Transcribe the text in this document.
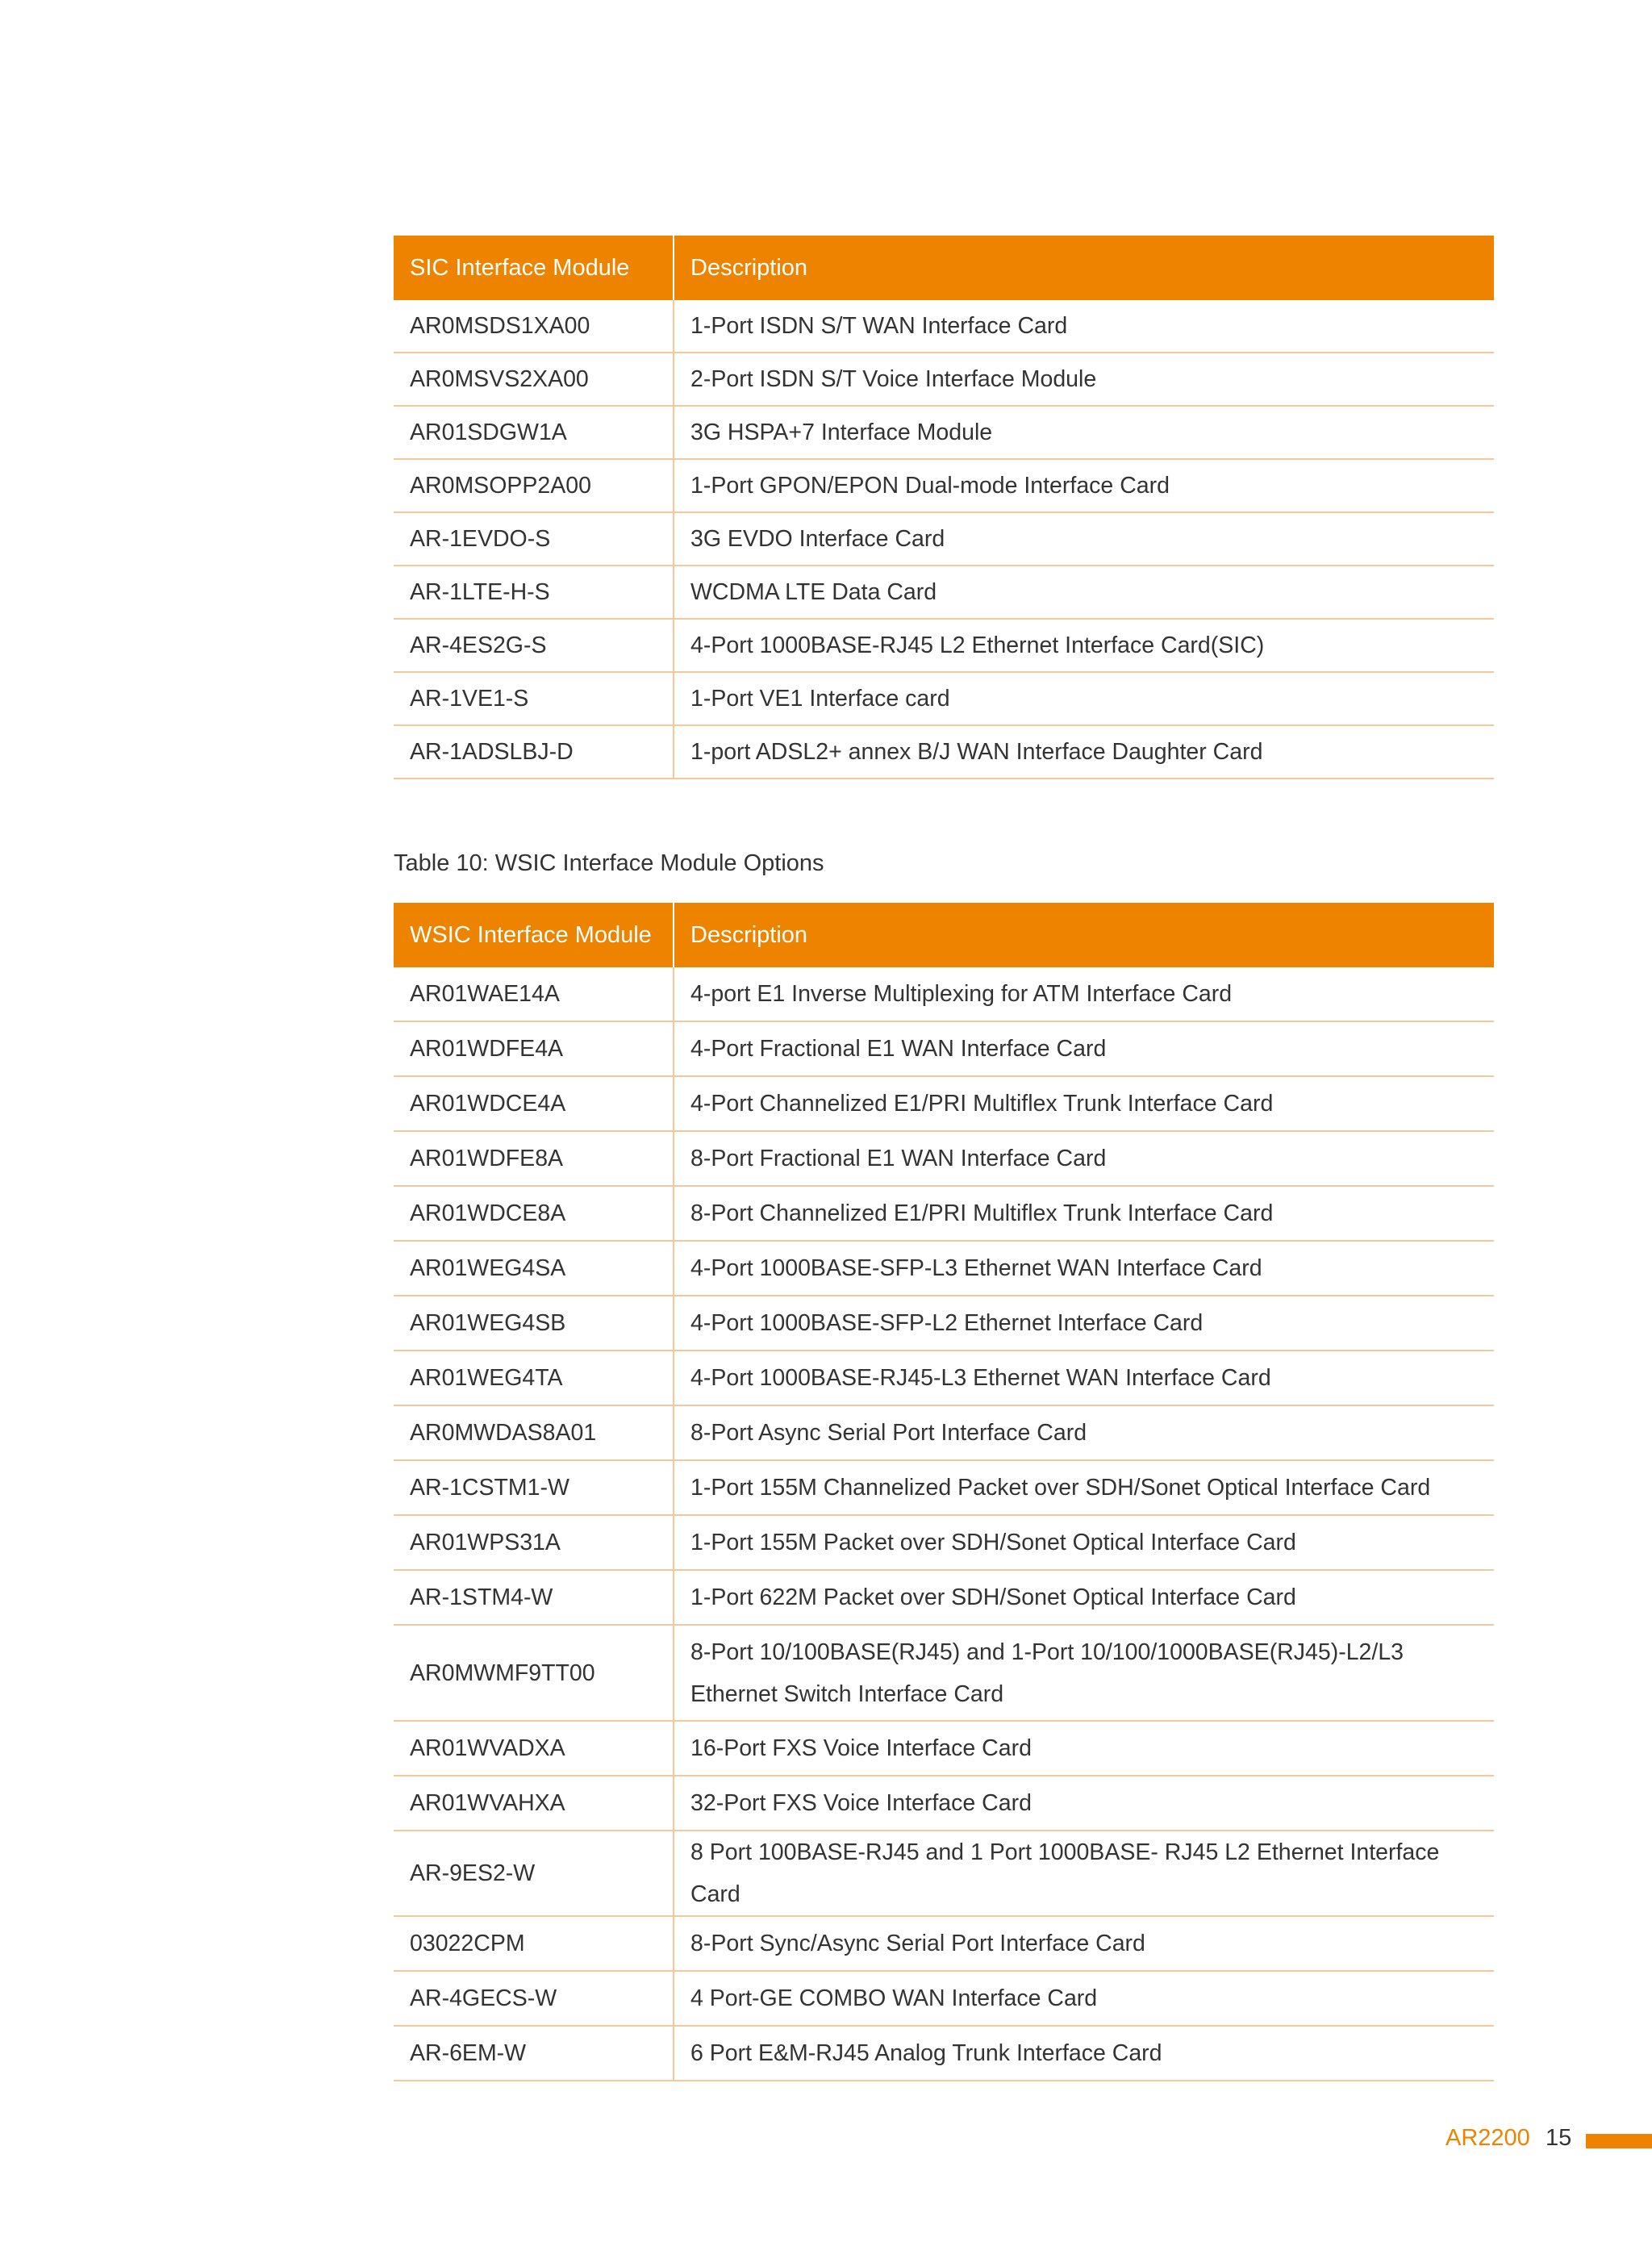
SIC Interface Module	Description
AR0MSDS1XA00	1-Port ISDN S/T WAN Interface Card
AR0MSVS2XA00	2-Port ISDN S/T Voice Interface Module
AR01SDGW1A	3G HSPA+7 Interface Module
AR0MSOPP2A00	1-Port GPON/EPON Dual-mode Interface Card
AR-1EVDO-S	3G EVDO Interface Card
AR-1LTE-H-S	WCDMA LTE Data Card
AR-4ES2G-S	4-Port 1000BASE-RJ45 L2 Ethernet Interface Card(SIC)
AR-1VE1-S	1-Port VE1 Interface card
AR-1ADSLBJ-D	1-port ADSL2+ annex B/J WAN Interface Daughter Card
Table 10: WSIC Interface Module Options
WSIC Interface Module	Description
AR01WAE14A	4-port E1 Inverse Multiplexing for ATM Interface Card
AR01WDFE4A	4-Port Fractional E1 WAN Interface Card
AR01WDCE4A	4-Port Channelized E1/PRI Multiflex Trunk Interface Card
AR01WDFE8A	8-Port Fractional E1 WAN Interface Card
AR01WDCE8A	8-Port Channelized E1/PRI Multiflex Trunk Interface Card
AR01WEG4SA	4-Port 1000BASE-SFP-L3 Ethernet WAN Interface Card
AR01WEG4SB	4-Port 1000BASE-SFP-L2 Ethernet Interface Card
AR01WEG4TA	4-Port 1000BASE-RJ45-L3 Ethernet WAN Interface Card
AR0MWDAS8A01	8-Port Async Serial Port Interface Card
AR-1CSTM1-W	1-Port 155M Channelized Packet over SDH/Sonet Optical Interface Card
AR01WPS31A	1-Port 155M Packet over SDH/Sonet Optical Interface Card
AR-1STM4-W	1-Port 622M Packet over SDH/Sonet Optical Interface Card
AR0MWMF9TT00	8-Port 10/100BASE(RJ45) and 1-Port 10/100/1000BASE(RJ45)-L2/L3 Ethernet Switch Interface Card
AR01WVADXA	16-Port FXS Voice Interface Card
AR01WVAHXA	32-Port FXS Voice Interface Card
AR-9ES2-W	8 Port 100BASE-RJ45 and 1 Port 1000BASE- RJ45 L2 Ethernet Interface Card
03022CPM	8-Port Sync/Async Serial Port Interface Card
AR-4GECS-W	4 Port-GE COMBO WAN Interface Card
AR-6EM-W	6 Port E&M-RJ45 Analog Trunk Interface Card
AR2200 15
